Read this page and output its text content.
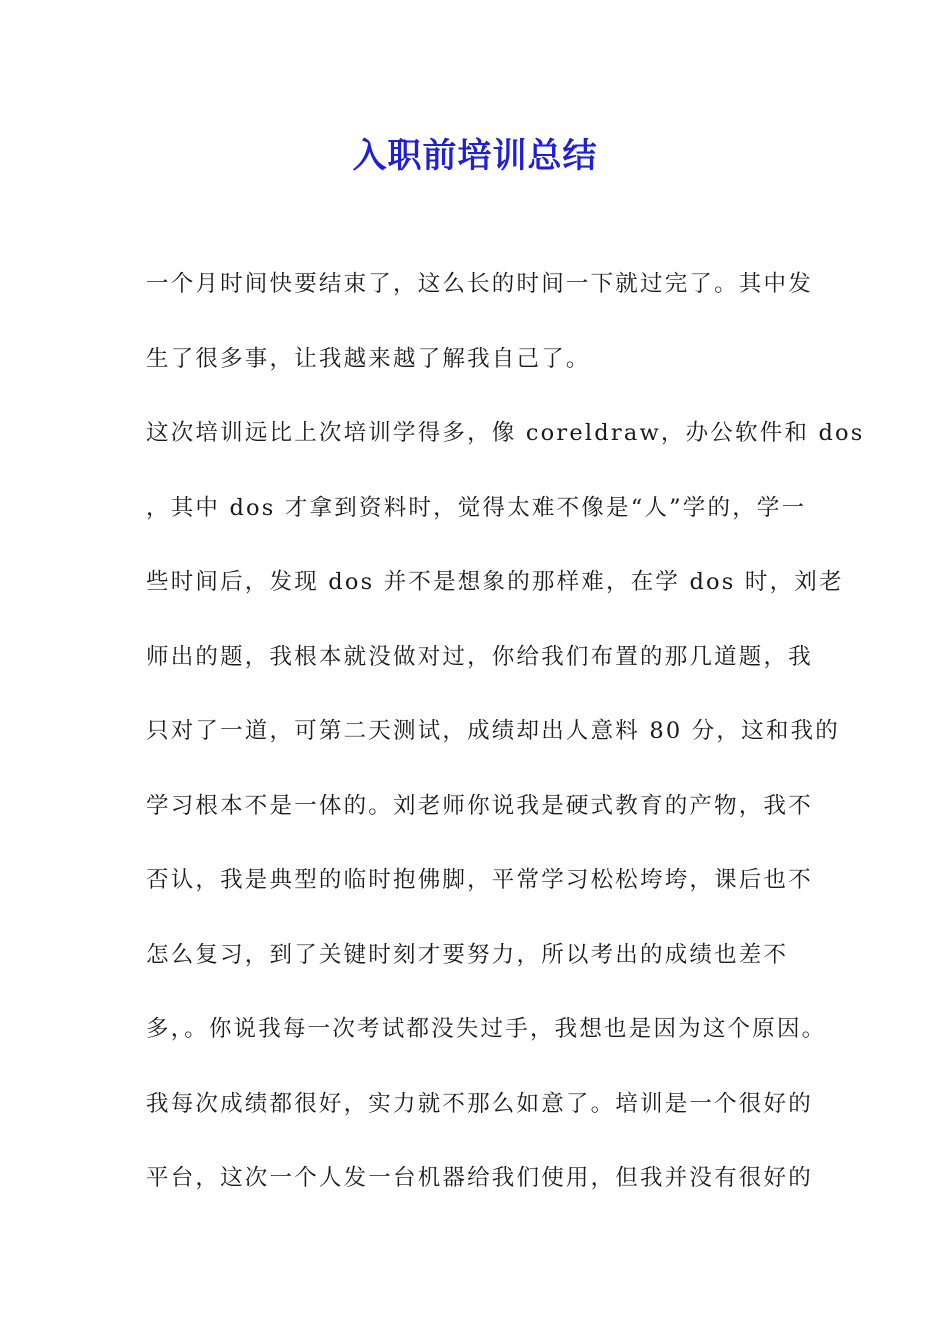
入职前培训总结
一个月时间快要结束了，这么长的时间一下就过完了。其中发
生了很多事，让我越来越了解我自己了。
这次培训远比上次培训学得多，像 coreldraw，办公软件和 dos
，其中 dos 才拿到资料时，觉得太难不像是“人”学的，学一
些时间后，发现 dos 并不是想象的那样难，在学 dos 时，刘老
师出的题，我根本就没做对过，你给我们布置的那几道题，我
只对了一道，可第二天测试，成绩却出人意料 80 分，这和我的
学习根本不是一体的。刘老师你说我是硬式教育的产物，我不
否认，我是典型的临时抱佛脚，平常学习松松垮垮，课后也不
怎么复习，到了关键时刻才要努力，所以考出的成绩也差不
多，。你说我每一次考试都没失过手，我想也是因为这个原因。
我每次成绩都很好，实力就不那么如意了。培训是一个很好的
平台，这次一个人发一台机器给我们使用，但我并没有很好的
